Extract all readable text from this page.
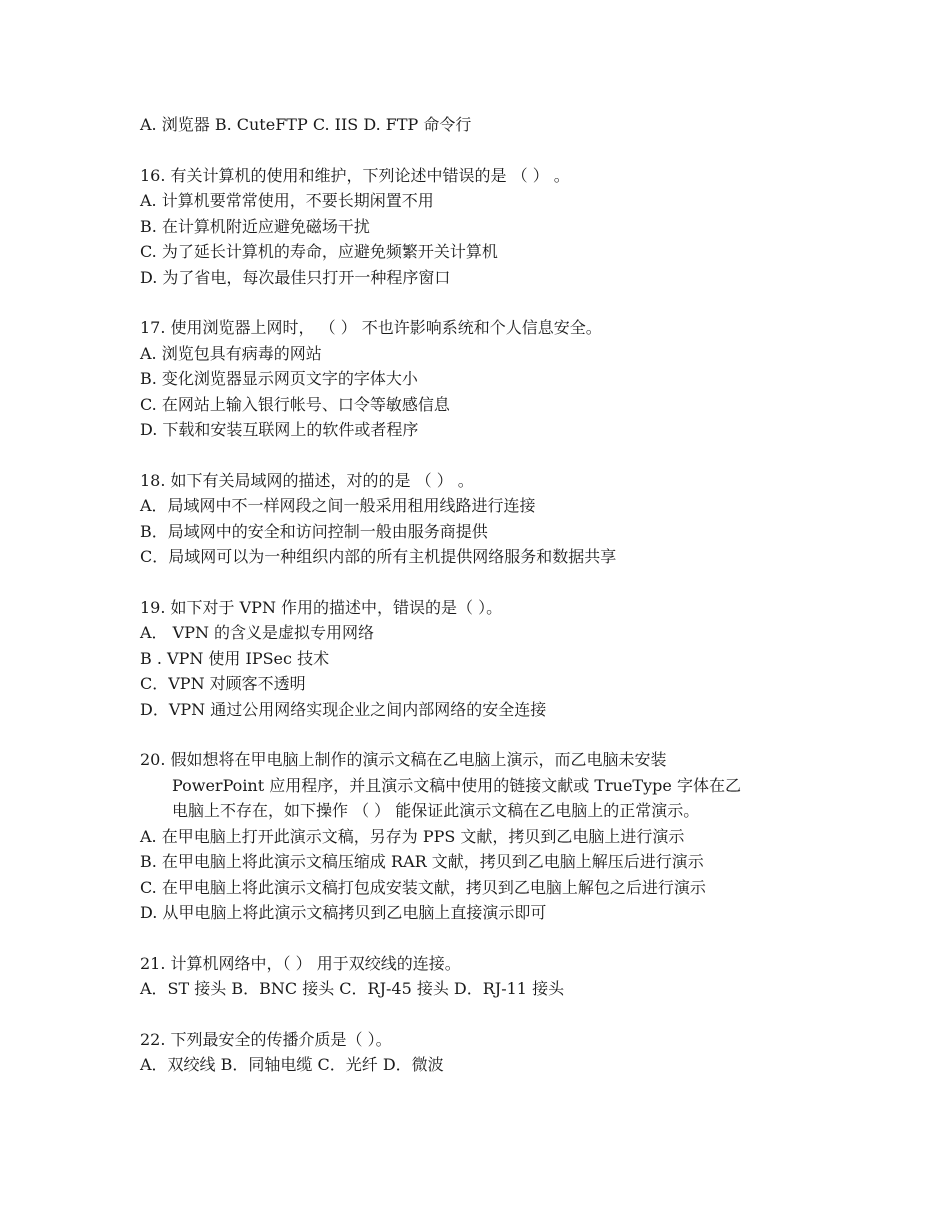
A. 浏览器 B. CuteFTP C. IIS D. FTP 命令行
16. 有关计算机的使用和维护，下列论述中错误的是 （ ） 。
A. 计算机要常常使用，不要长期闲置不用
B. 在计算机附近应避免磁场干扰
C. 为了延长计算机的寿命，应避免频繁开关计算机
D. 为了省电，每次最佳只打开一种程序窗口
17. 使用浏览器上网时， （ ） 不也许影响系统和个人信息安全。
A. 浏览包具有病毒的网站
B. 变化浏览器显示网页文字的字体大小
C. 在网站上输入银行帐号、口令等敏感信息
D. 下载和安装互联网上的软件或者程序
18. 如下有关局域网的描述，对的的是 （ ） 。
A．局域网中不一样网段之间一般采用租用线路进行连接
B．局域网中的安全和访问控制一般由服务商提供
C．局域网可以为一种组织内部的所有主机提供网络服务和数据共享
19. 如下对于 VPN 作用的描述中，错误的是（ ）。
A． VPN 的含义是虚拟专用网络
B . VPN 使用 IPSec 技术
C．VPN 对顾客不透明
D．VPN 通过公用网络实现企业之间内部网络的安全连接
20. 假如想将在甲电脑上制作的演示文稿在乙电脑上演示，而乙电脑未安装
PowerPoint 应用程序，并且演示文稿中使用的链接文献或 TrueType 字体在乙
电脑上不存在，如下操作 （ ） 能保证此演示文稿在乙电脑上的正常演示。
A. 在甲电脑上打开此演示文稿，另存为 PPS 文献，拷贝到乙电脑上进行演示
B. 在甲电脑上将此演示文稿压缩成 RAR 文献，拷贝到乙电脑上解压后进行演示
C. 在甲电脑上将此演示文稿打包成安装文献，拷贝到乙电脑上解包之后进行演示
D. 从甲电脑上将此演示文稿拷贝到乙电脑上直接演示即可
21. 计算机网络中，（ ） 用于双绞线的连接。
A．ST 接头 B．BNC 接头 C．RJ-45 接头 D．RJ-11 接头
22. 下列最安全的传播介质是（ ）。
A．双绞线 B．同轴电缆 C．光纤 D．微波
